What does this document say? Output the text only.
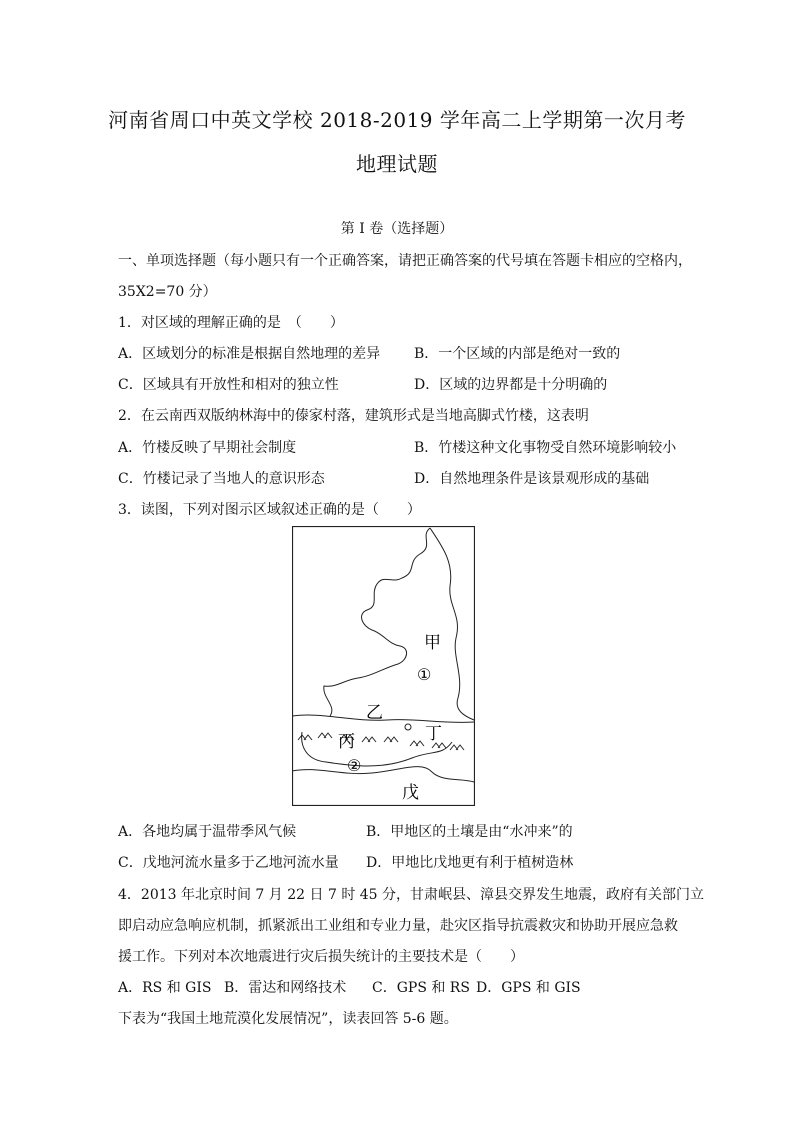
河南省周口中英文学校 2018-2019 学年高二上学期第一次月考
地理试题
第 I 卷（选择题）
一、单项选择题（每小题只有一个正确答案，请把正确答案的代号填在答题卡相应的空格内，
35X2=70 分）
1．对区域的理解正确的是　（　　）
A．区域划分的标准是根据自然地理的差异 B．一个区域的内部是绝对一致的
C．区域具有开放性和相对的独立性	D．区域的边界都是十分明确的
2．在云南西双版纳林海中的傣家村落，建筑形式是当地高脚式竹楼，这表明
A．竹楼反映了早期社会制度	B．竹楼这种文化事物受自然环境影响较小
C．竹楼记录了当地人的意识形态	D．自然地理条件是该景观形成的基础
3．读图，下列对图示区域叙述正确的是（　　）
甲
①
乙
丙	丁
②
戊
A．各地均属于温带季风气候	B．甲地区的土壤是由“水冲来”的
C．戊地河流水量多于乙地河流水量 D．甲地比戊地更有利于植树造林
4．2013 年北京时间 7 月 22 日 7 时 45 分，甘肃岷县、漳县交界发生地震，政府有关部门立
即启动应急响应机制，抓紧派出工业组和专业力量，赴灾区指导抗震救灾和协助开展应急救
援工作。下列对本次地震进行灾后损失统计的主要技术是（　　）
A．RS 和 GIS B．雷达和网络技术 C．GPS 和 RS D．GPS 和 GIS
下表为“我国土地荒漠化发展情况”，读表回答 5-6 题。
